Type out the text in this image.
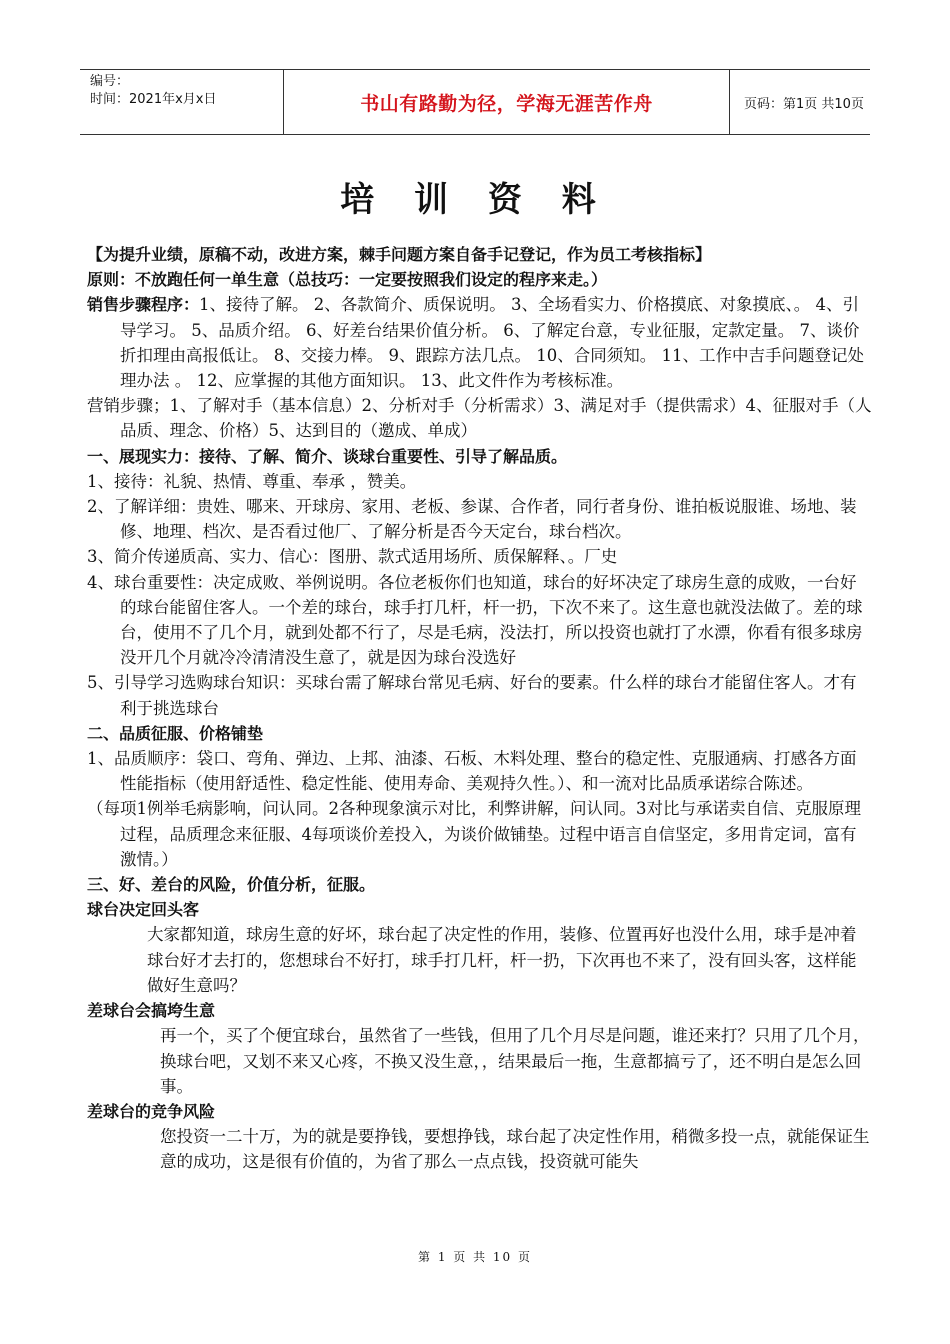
编号：
时间：2021年x月x日	书山有路勤为径，学海无涯苦作舟	页码：第1页 共10页
培 训 资 料

【为提升业绩，原稿不动，改进方案，棘手问题方案自备手记登记，作为员工考核指标】

原则：不放跑任何一单生意（总技巧：一定要按照我们设定的程序来走。）

销售步骤程序：1、接待了解。 2、各款简介、质保说明。 3、全场看实力、价格摸底、对象摸底、。 4、引导学习。 5、品质介绍。 6、好差台结果价值分析。 6、了解定台意，专业征服，定款定量。 7、谈价折扣理由高报低让。 8、交接力棒。 9、跟踪方法几点。 10、合同须知。 11、工作中吉手问题登记处理办法 。 12、应掌握的其他方面知识。 13、此文件作为考核标准。

营销步骤；1、了解对手（基本信息）2、分析对手（分析需求）3、满足对手（提供需求）4、征服对手（人品质、理念、价格）5、达到目的（邀成、单成）

一、展现实力：接待、了解、简介、谈球台重要性、引导了解品质。

1、接待：礼貌、热情、尊重、奉承 ，赞美。

2、了解详细：贵姓、哪来、开球房、家用、老板、参谋、合作者，同行者身份、谁拍板说服谁、场地、装修、地理、档次、是否看过他厂、了解分析是否今天定台，球台档次。

3、简介传递质高、实力、信心：图册、款式适用场所、质保解释、。厂史

4、球台重要性：决定成败、举例说明。各位老板你们也知道，球台的好坏决定了球房生意的成败，一台好的球台能留住客人。一个差的球台，球手打几杆，杆一扔，下次不来了。这生意也就没法做了。差的球台，使用不了几个月，就到处都不行了，尽是毛病，没法打，所以投资也就打了水漂，你看有很多球房没开几个月就冷冷清清没生意了，就是因为球台没选好

5、引导学习选购球台知识：买球台需了解球台常见毛病、好台的要素。什么样的球台才能留住客人。才有利于挑选球台

二、品质征服、价格铺垫

1、品质顺序：袋口、弯角、弹边、上邦、油漆、石板、木料处理、整台的稳定性、克服通病、打感各方面性能指标（使用舒适性、稳定性能、使用寿命、美观持久性。）、和一流对比品质承诺综合陈述。

（每项1例举毛病影响，问认同。2各种现象演示对比，利弊讲解，问认同。3对比与承诺卖自信、克服原理过程，品质理念来征服、4每项谈价差投入，为谈价做铺垫。过程中语言自信坚定，多用肯定词，富有激情。）

三、好、差台的风险，价值分析，征服。

球台决定回头客

大家都知道，球房生意的好坏，球台起了决定性的作用，装修、位置再好也没什么用，球手是冲着球台好才去打的，您想球台不好打，球手打几杆，杆一扔，下次再也不来了，没有回头客，这样能做好生意吗？

差球台会搞垮生意

再一个，买了个便宜球台，虽然省了一些钱，但用了几个月尽是问题，谁还来打？只用了几个月，换球台吧，又划不来又心疼，不换又没生意，，结果最后一拖，生意都搞亏了，还不明白是怎么回事。

差球台的竞争风险

您投资一二十万，为的就是要挣钱，要想挣钱，球台起了决定性作用，稍微多投一点，就能保证生意的成功，这是很有价值的，为省了那么一点点钱，投资就可能失

第 1 页 共 10 页
